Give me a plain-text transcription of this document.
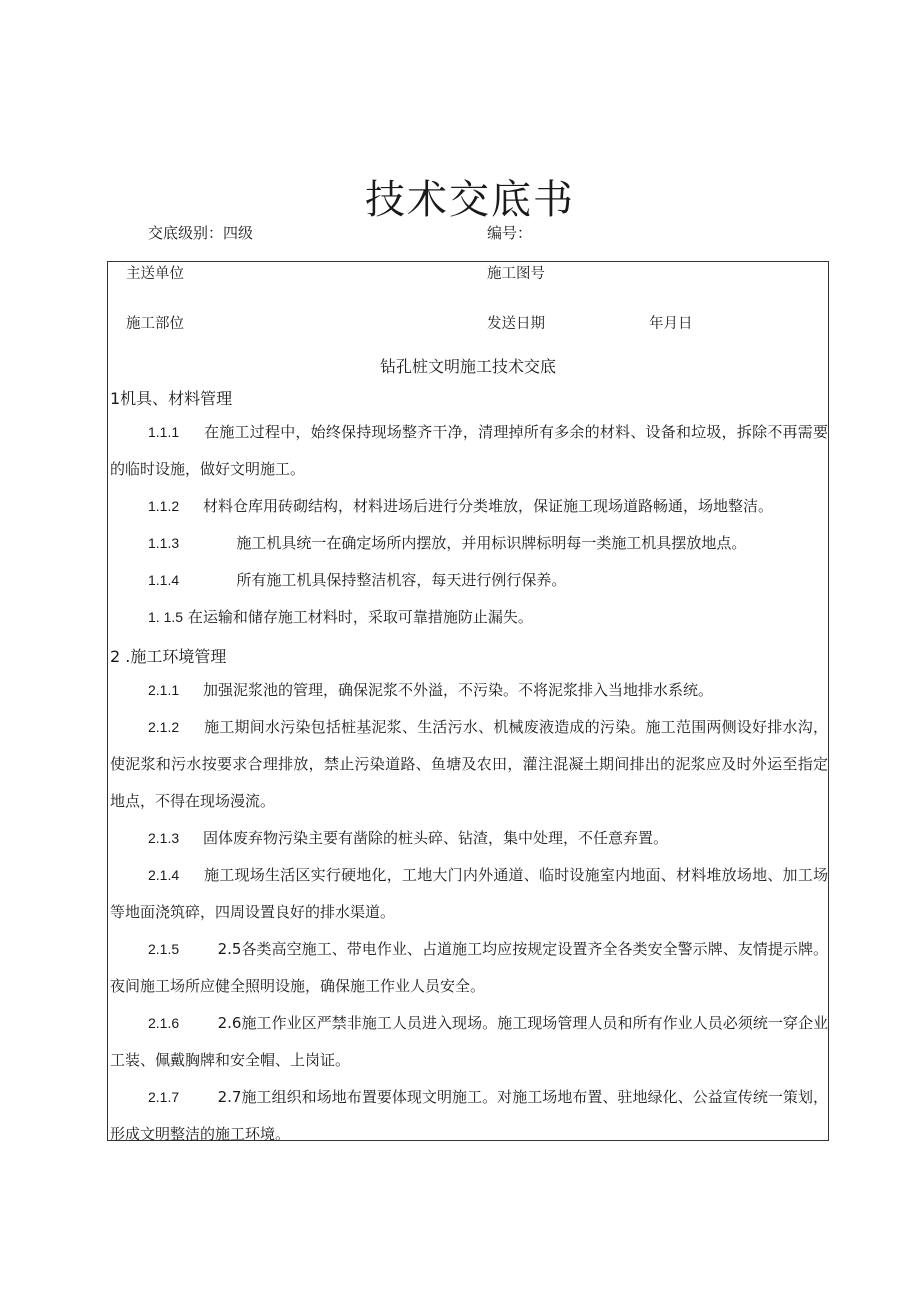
技术交底书
交底级别：四级	编号：
主送单位	施工图号
施工部位	发送日期	年月日
钻孔桩文明施工技术交底
1机具、材料管理
1.1.1 在施工过程中，始终保持现场整齐干净，清理掉所有多余的材料、设备和垃圾，拆除不再需要的临时设施，做好文明施工。
1.1.2 材料仓库用砖砌结构，材料进场后进行分类堆放，保证施工现场道路畅通，场地整洁。
1.1.3	施工机具统一在确定场所内摆放，并用标识牌标明每一类施工机具摆放地点。
1.1.4	所有施工机具保持整洁机容，每天进行例行保养。
1. 1.5 在运输和储存施工材料时，采取可靠措施防止漏失。
2 .施工环境管理
2.1.1 加强泥浆池的管理，确保泥浆不外溢，不污染。不将泥浆排入当地排水系统。
2.1.2 施工期间水污染包括桩基泥浆、生活污水、机械废液造成的污染。施工范围两侧设好排水沟，使泥浆和污水按要求合理排放，禁止污染道路、鱼塘及农田，灌注混凝土期间排出的泥浆应及时外运至指定地点，不得在现场漫流。
2.1.3 固体废弃物污染主要有凿除的桩头碎、钻渣，集中处理，不任意弃置。
2.1.4 施工现场生活区实行硬地化，工地大门内外通道、临时设施室内地面、材料堆放场地、加工场等地面浇筑碎，四周设置良好的排水渠道。
2.1.5	2.5各类高空施工、带电作业、占道施工均应按规定设置齐全各类安全警示牌、友情提示牌。夜间施工场所应健全照明设施，确保施工作业人员安全。
2.1.6	2.6施工作业区严禁非施工人员进入现场。施工现场管理人员和所有作业人员必须统一穿企业工装、佩戴胸牌和安全帽、上岗证。
2.1.7	2.7施工组织和场地布置要体现文明施工。对施工场地布置、驻地绿化、公益宣传统一策划，形成文明整洁的施工环境。
